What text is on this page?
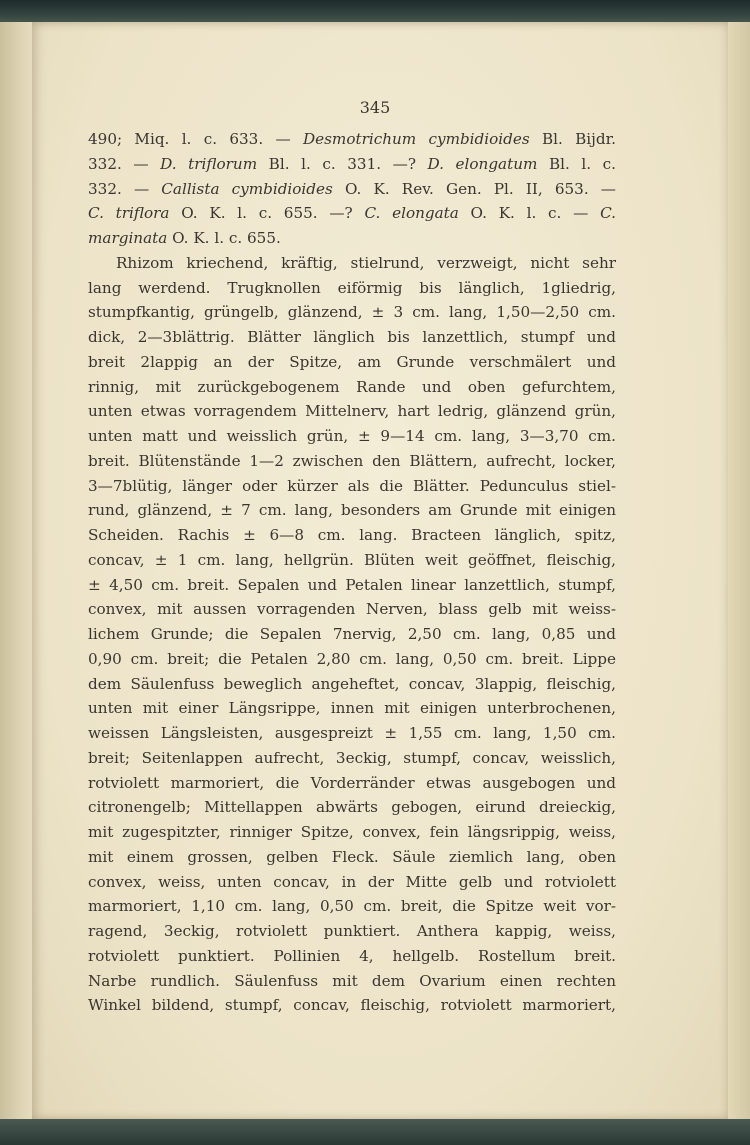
345
490; Miq. l. c. 633. — Desmotrichum cymbidioides Bl. Bijdr.
332. — D. triflorum Bl. l. c. 331. —? D. elongatum Bl. l. c.
332. — Callista cymbidioides O. K. Rev. Gen. Pl. II, 653. —
C. triflora O. K. l. c. 655. —? C. elongata O. K. l. c. — C.
marginata O. K. l. c. 655.
Rhizom kriechend, kräftig, stielrund, verzweigt, nicht sehr
lang werdend. Trugknollen eiförmig bis länglich, 1gliedrig,
stumpfkantig, grüngelb, glänzend, ± 3 cm. lang, 1,50—2,50 cm.
dick, 2—3blättrig. Blätter länglich bis lanzettlich, stumpf und
breit 2lappig an der Spitze, am Grunde verschmälert und
rinnig, mit zurückgebogenem Rande und oben gefurchtem,
unten etwas vorragendem Mittelnerv, hart ledrig, glänzend grün,
unten matt und weisslich grün, ± 9—14 cm. lang, 3—3,70 cm.
breit. Blütenstände 1—2 zwischen den Blättern, aufrecht, locker,
3—7blütig, länger oder kürzer als die Blätter. Pedunculus stiel-
rund, glänzend, ± 7 cm. lang, besonders am Grunde mit einigen
Scheiden. Rachis ± 6—8 cm. lang. Bracteen länglich, spitz,
concav, ± 1 cm. lang, hellgrün. Blüten weit geöffnet, fleischig,
± 4,50 cm. breit. Sepalen und Petalen linear lanzettlich, stumpf,
convex, mit aussen vorragenden Nerven, blass gelb mit weiss-
lichem Grunde; die Sepalen 7nervig, 2,50 cm. lang, 0,85 und
0,90 cm. breit; die Petalen 2,80 cm. lang, 0,50 cm. breit. Lippe
dem Säulenfuss beweglich angeheftet, concav, 3lappig, fleischig,
unten mit einer Längsrippe, innen mit einigen unterbrochenen,
weissen Längsleisten, ausgespreizt ± 1,55 cm. lang, 1,50 cm.
breit; Seitenlappen aufrecht, 3eckig, stumpf, concav, weisslich,
rotviolett marmoriert, die Vorderränder etwas ausgebogen und
citronengelb; Mittellappen abwärts gebogen, eirund dreieckig,
mit zugespitzter, rinniger Spitze, convex, fein längsrippig, weiss,
mit einem grossen, gelben Fleck. Säule ziemlich lang, oben
convex, weiss, unten concav, in der Mitte gelb und rotviolett
marmoriert, 1,10 cm. lang, 0,50 cm. breit, die Spitze weit vor-
ragend, 3eckig, rotviolett punktiert. Anthera kappig, weiss,
rotviolett punktiert. Pollinien 4, hellgelb. Rostellum breit.
Narbe rundlich. Säulenfuss mit dem Ovarium einen rechten
Winkel bildend, stumpf, concav, fleischig, rotviolett marmoriert,
